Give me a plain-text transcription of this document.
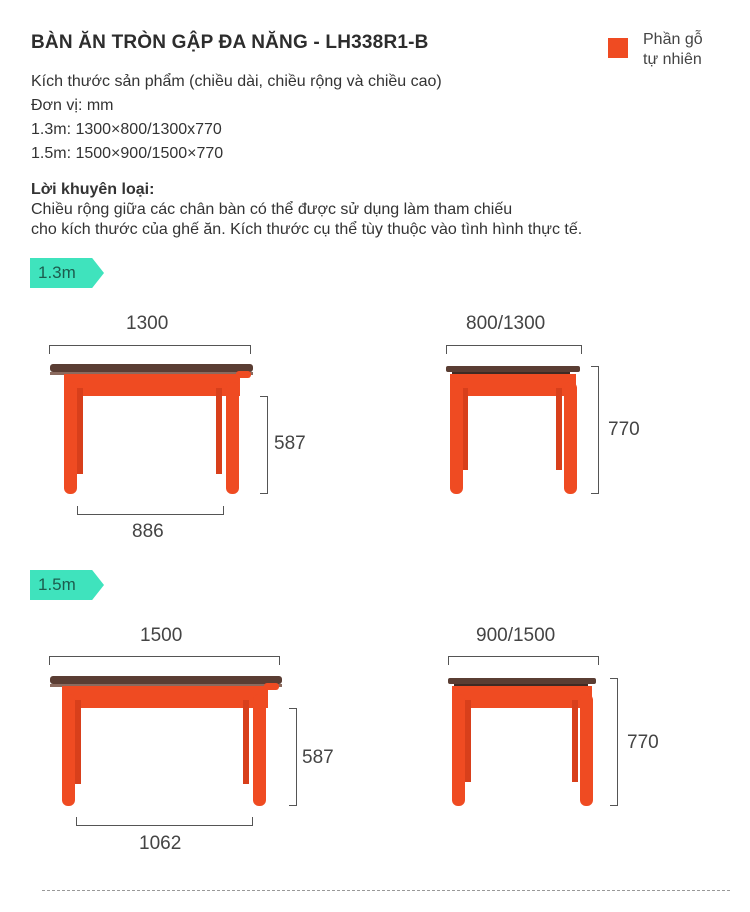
BÀN ĂN TRÒN GẬP ĐA NĂNG - LH338R1-B	Phần gỗ
tự nhiên
Kích thước sản phẩm (chiều dài, chiều rộng và chiều cao)
Đơn vị: mm
1.3m: 1300×800/1300x770
1.5m: 1500×900/1500×770
Lời khuyên loại:
Chiều rộng giữa các chân bàn có thể được sử dụng làm tham chiếu
cho kích thước của ghế ăn. Kích thước cụ thể tùy thuộc vào tình hình thực tế.
1.3m
1300
587
886
800/1300
770
1.5m
1500
587
1062
900/1500
770
